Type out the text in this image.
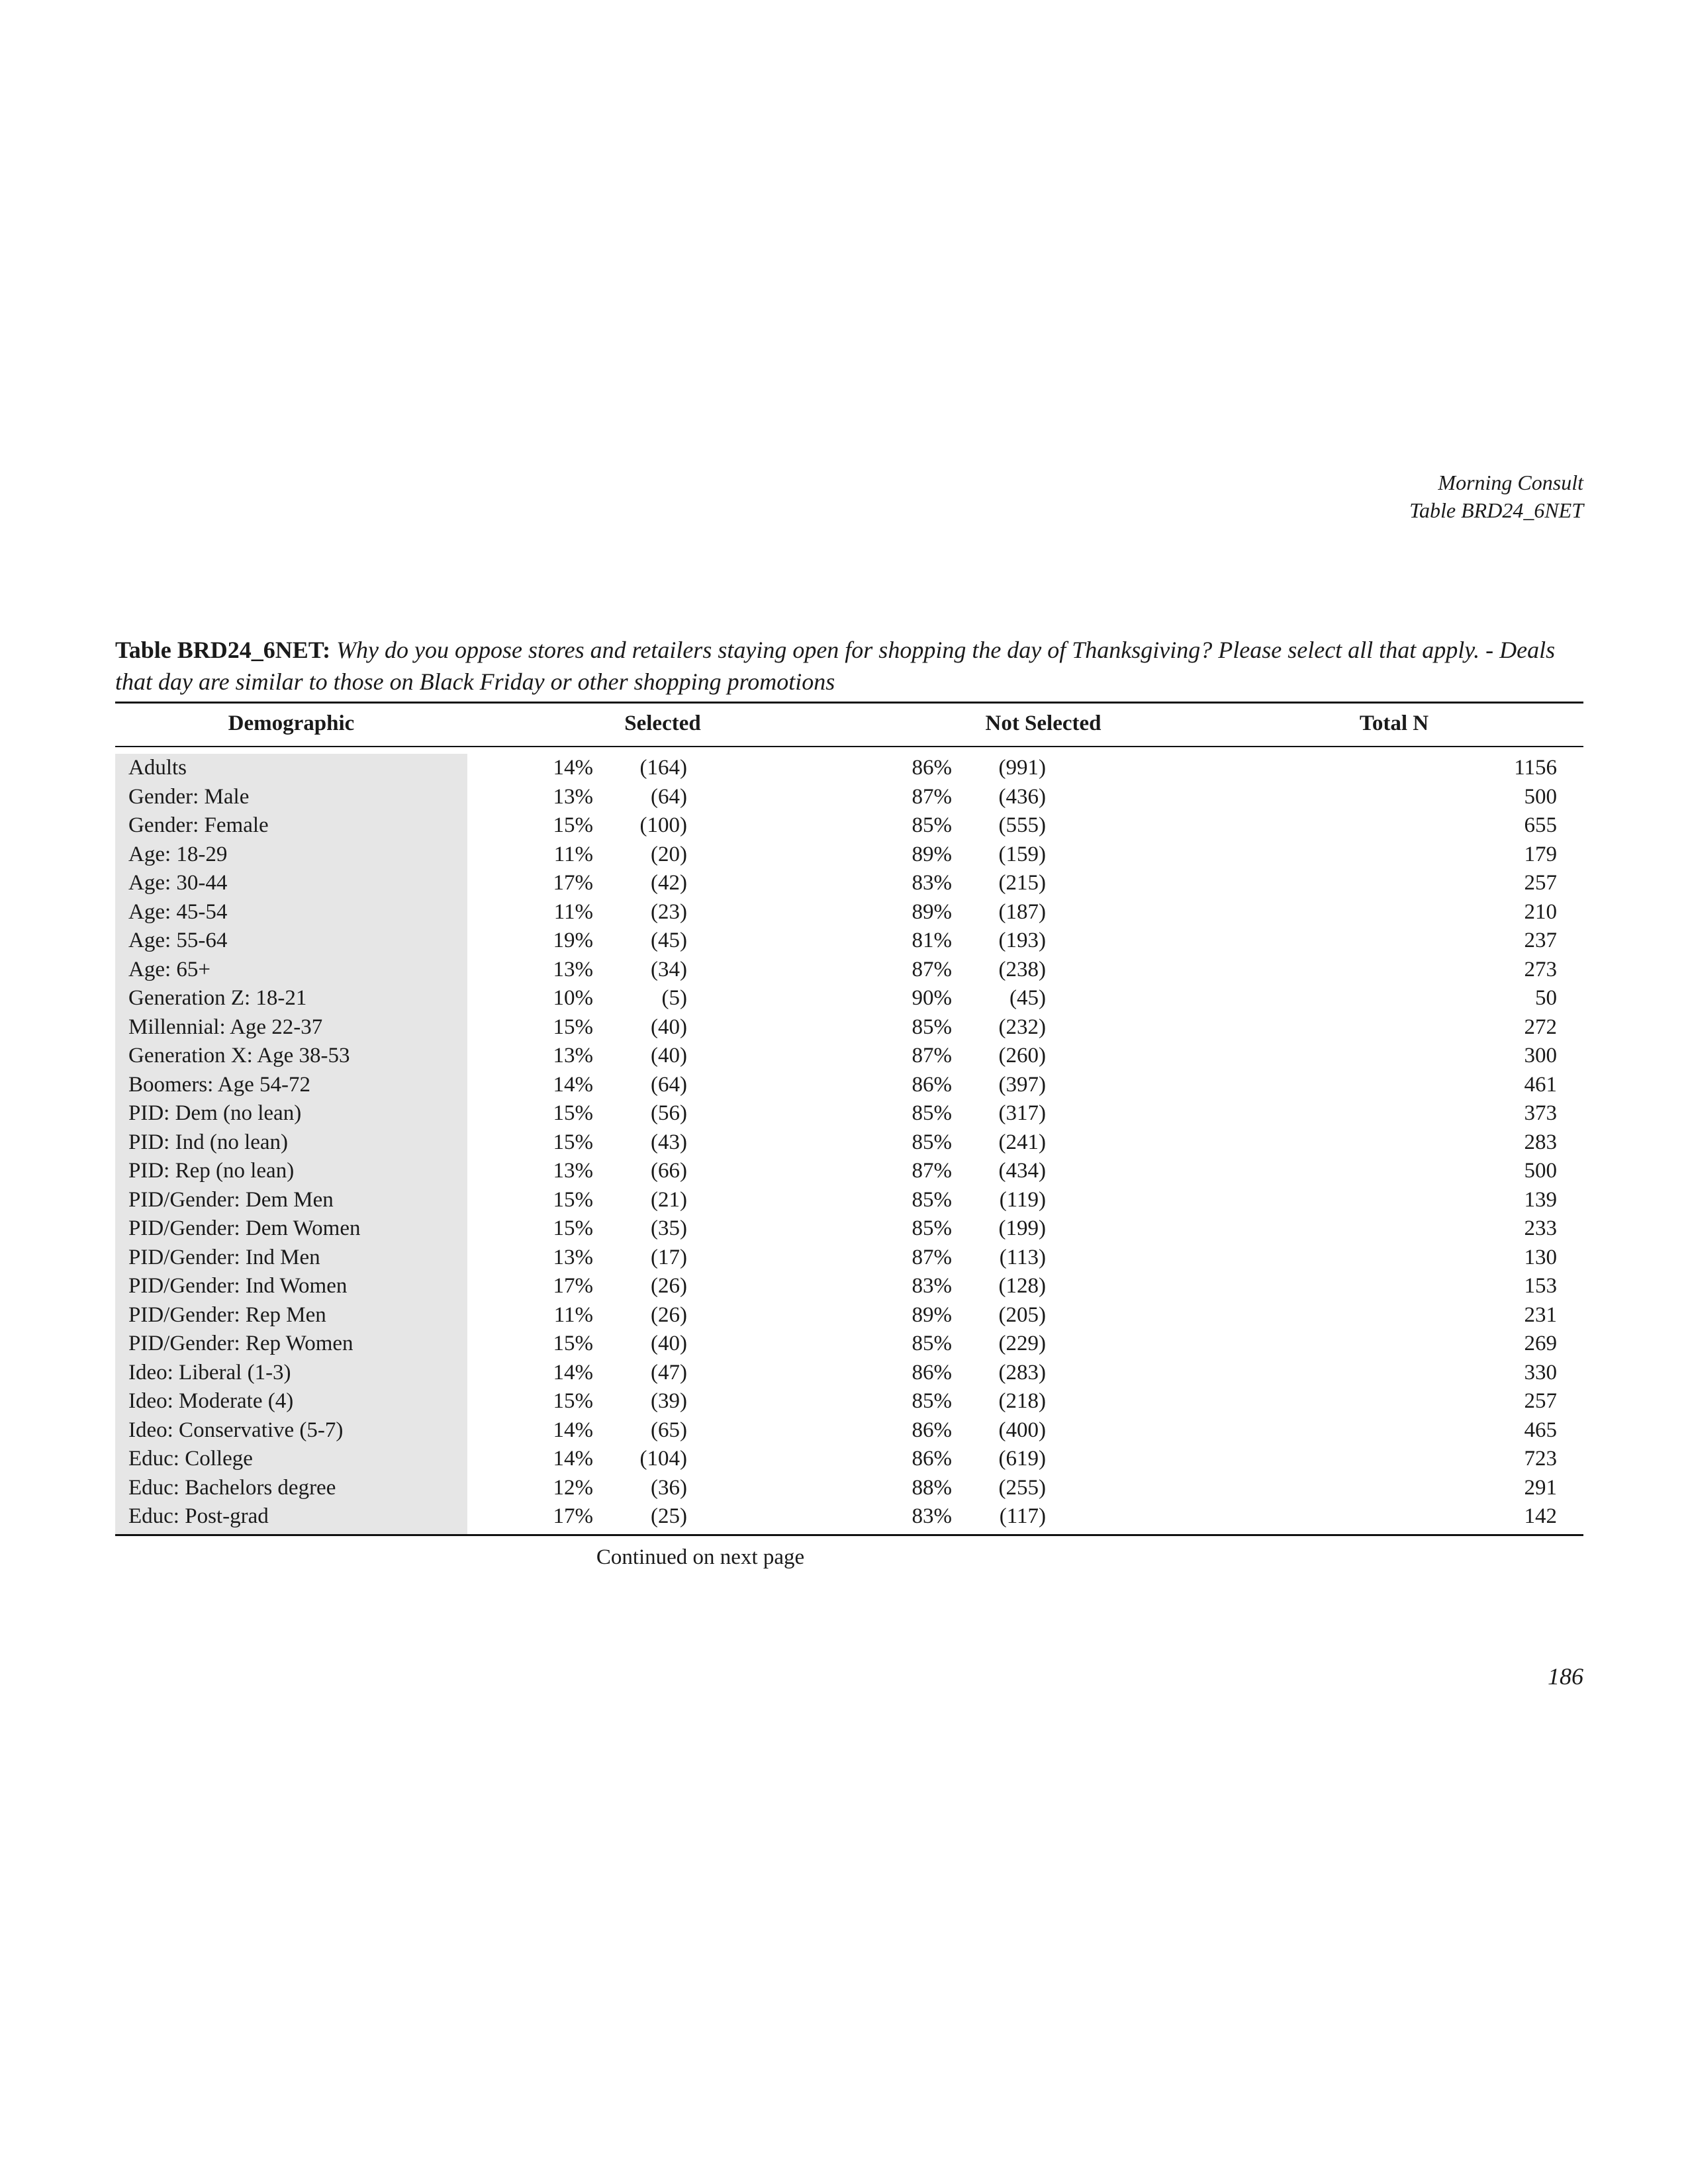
Morning Consult
Table BRD24_6NET
Table BRD24_6NET: Why do you oppose stores and retailers staying open for shopping the day of Thanksgiving? Please select all that apply. - Deals that day are similar to those on Black Friday or other shopping promotions
Demographic	Selected	Not Selected	Total N
Adults	14% (164)	86% (991)	1156
Gender: Male	13%	(64)	87% (436)	500
Gender: Female	15% (100)	85% (555)	655
Age: 18-29	11%	(20)	89% (159)	179
Age: 30-44	17%	(42)	83% (215)	257
Age: 45-54	11%	(23)	89% (187)	210
Age: 55-64	19%	(45)	81% (193)	237
Age: 65+	13%	(34)	87% (238)	273
Generation Z: 18-21	10%	(5)	90%	(45)	50
Millennial: Age 22-37	15%	(40)	85% (232)	272
Generation X: Age 38-53	13%	(40)	87% (260)	300
Boomers: Age 54-72	14%	(64)	86% (397)	461
PID: Dem (no lean)	15%	(56)	85% (317)	373
PID: Ind (no lean)	15%	(43)	85% (241)	283
PID: Rep (no lean)	13%	(66)	87% (434)	500
PID/Gender: Dem Men	15%	(21)	85% (119)	139
PID/Gender: Dem Women	15%	(35)	85% (199)	233
PID/Gender: Ind Men	13%	(17)	87% (113)	130
PID/Gender: Ind Women	17%	(26)	83% (128)	153
PID/Gender: Rep Men	11%	(26)	89% (205)	231
PID/Gender: Rep Women	15%	(40)	85% (229)	269
Ideo: Liberal (1-3)	14%	(47)	86% (283)	330
Ideo: Moderate (4)	15%	(39)	85% (218)	257
Ideo: Conservative (5-7)	14%	(65)	86% (400)	465
Educ: College	14% (104)	86% (619)	723
Educ: Bachelors degree	12%	(36)	88% (255)	291
Educ: Post-grad	17%	(25)	83% (117)	142
Continued on next page
186
